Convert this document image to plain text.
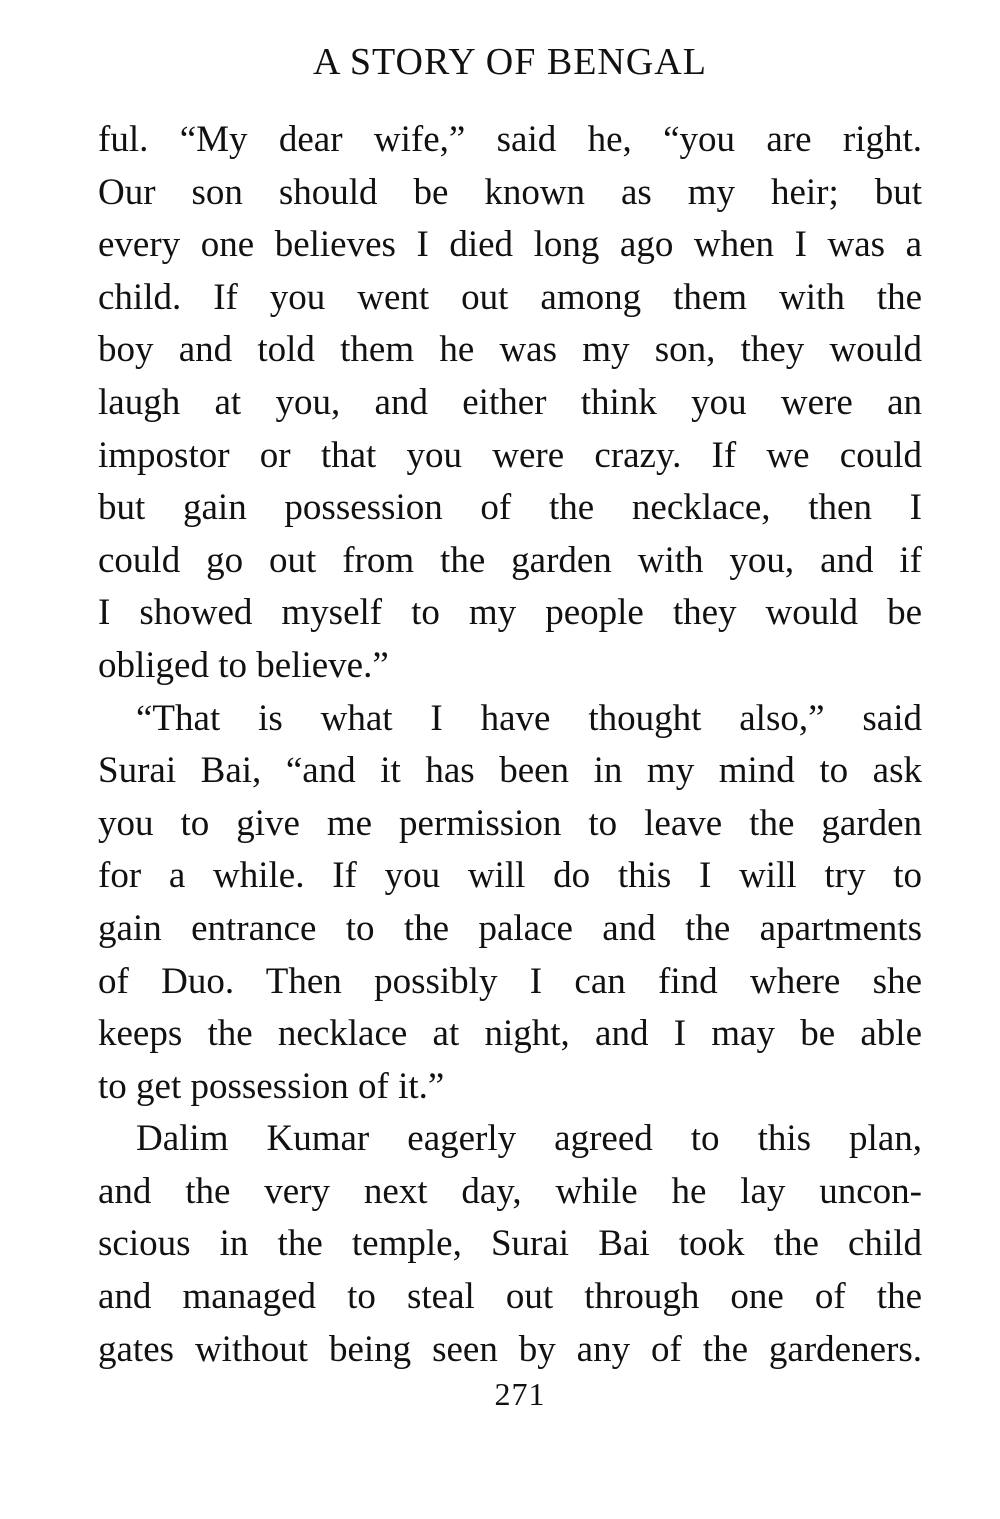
A STORY OF BENGAL
ful. “My dear wife,” said he, “you are right.
Our son should be known as my heir; but
every one believes I died long ago when I was a
child. If you went out among them with the
boy and told them he was my son, they would
laugh at you, and either think you were an
impostor or that you were crazy. If we could
but gain possession of the necklace, then I
could go out from the garden with you, and if
I showed myself to my people they would be
obliged to believe.”
“That is what I have thought also,” said
Surai Bai, “and it has been in my mind to ask
you to give me permission to leave the garden
for a while. If you will do this I will try to
gain entrance to the palace and the apartments
of Duo. Then possibly I can find where she
keeps the necklace at night, and I may be able
to get possession of it.”
Dalim Kumar eagerly agreed to this plan,
and the very next day, while he lay uncon-
scious in the temple, Surai Bai took the child
and managed to steal out through one of the
gates without being seen by any of the gardeners.
271
